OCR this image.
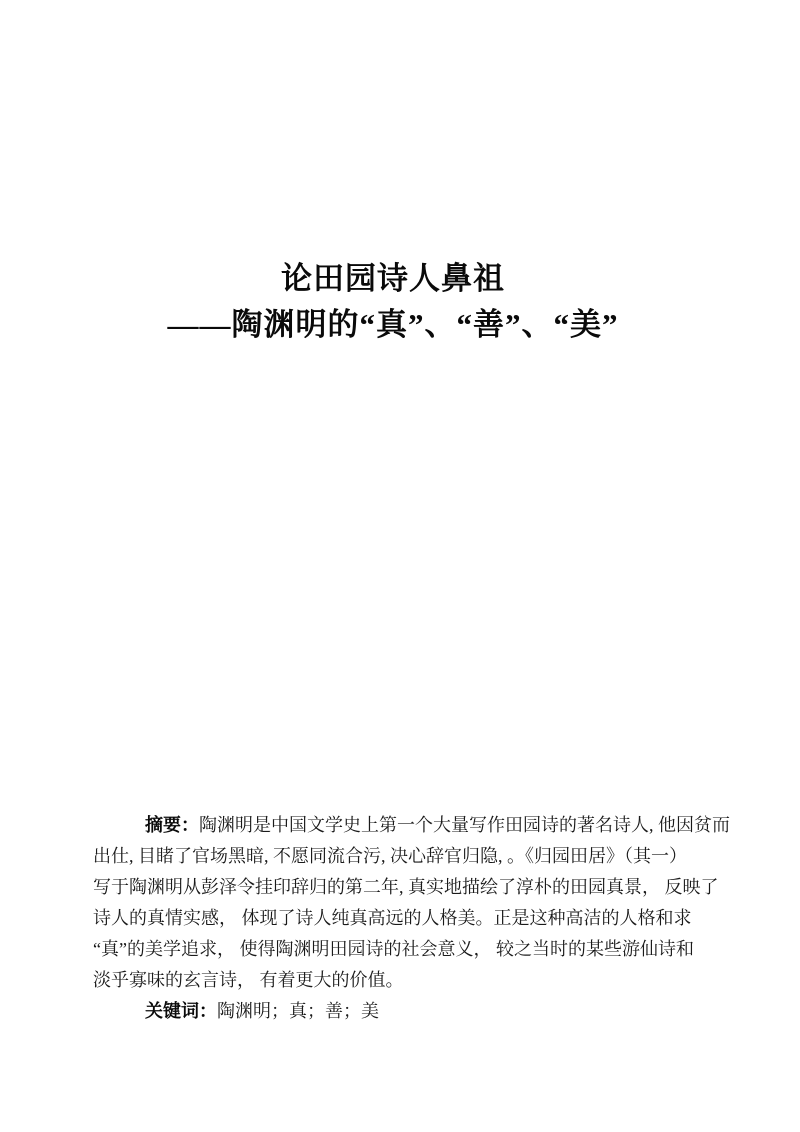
论田园诗人鼻祖
——陶渊明的“真”、“善”、“美”

摘要：陶渊明是中国文学史上第一个大量写作田园诗的著名诗人, 他因贫而

出仕, 目睹了官场黑暗, 不愿同流合污, 决心辞官归隐, 。《归园田居》（其一）

写于陶渊明从彭泽令挂印辞归的第二年, 真实地描绘了淳朴的田园真景， 反映了

诗人的真情实感， 体现了诗人纯真高远的人格美。正是这种高洁的人格和求

“真”的美学追求， 使得陶渊明田园诗的社会意义， 较之当时的某些游仙诗和

淡乎寡味的玄言诗， 有着更大的价值。

关键词：陶渊明；真；善；美
